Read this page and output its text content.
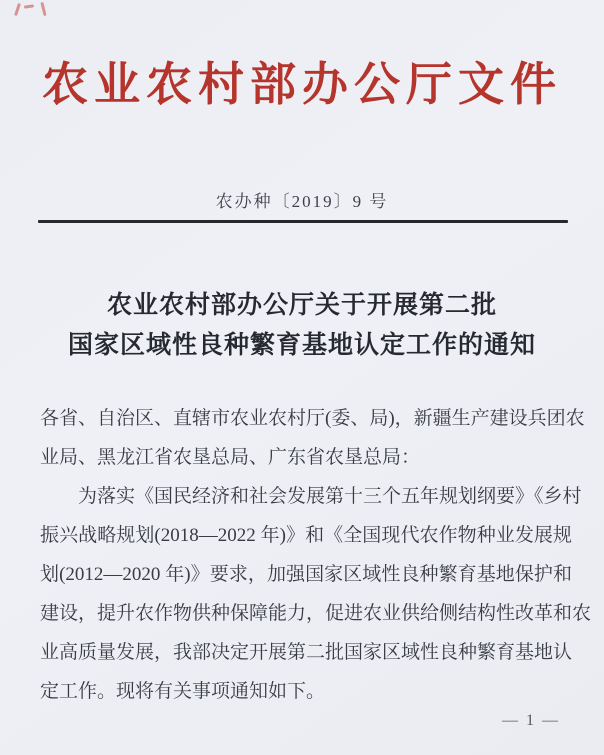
农业农村部办公厅文件
农办种〔2019〕9 号
农业农村部办公厅关于开展第二批
国家区域性良种繁育基地认定工作的通知
各省、自治区、直辖市农业农村厅(委、局)，新疆生产建设兵团农
业局、黑龙江省农垦总局、广东省农垦总局：
为落实《国民经济和社会发展第十三个五年规划纲要》《乡村
振兴战略规划(2018—2022 年)》和《全国现代农作物种业发展规
划(2012—2020 年)》要求，加强国家区域性良种繁育基地保护和
建设，提升农作物供种保障能力，促进农业供给侧结构性改革和农
业高质量发展，我部决定开展第二批国家区域性良种繁育基地认
定工作。现将有关事项通知如下。
— 1 —
